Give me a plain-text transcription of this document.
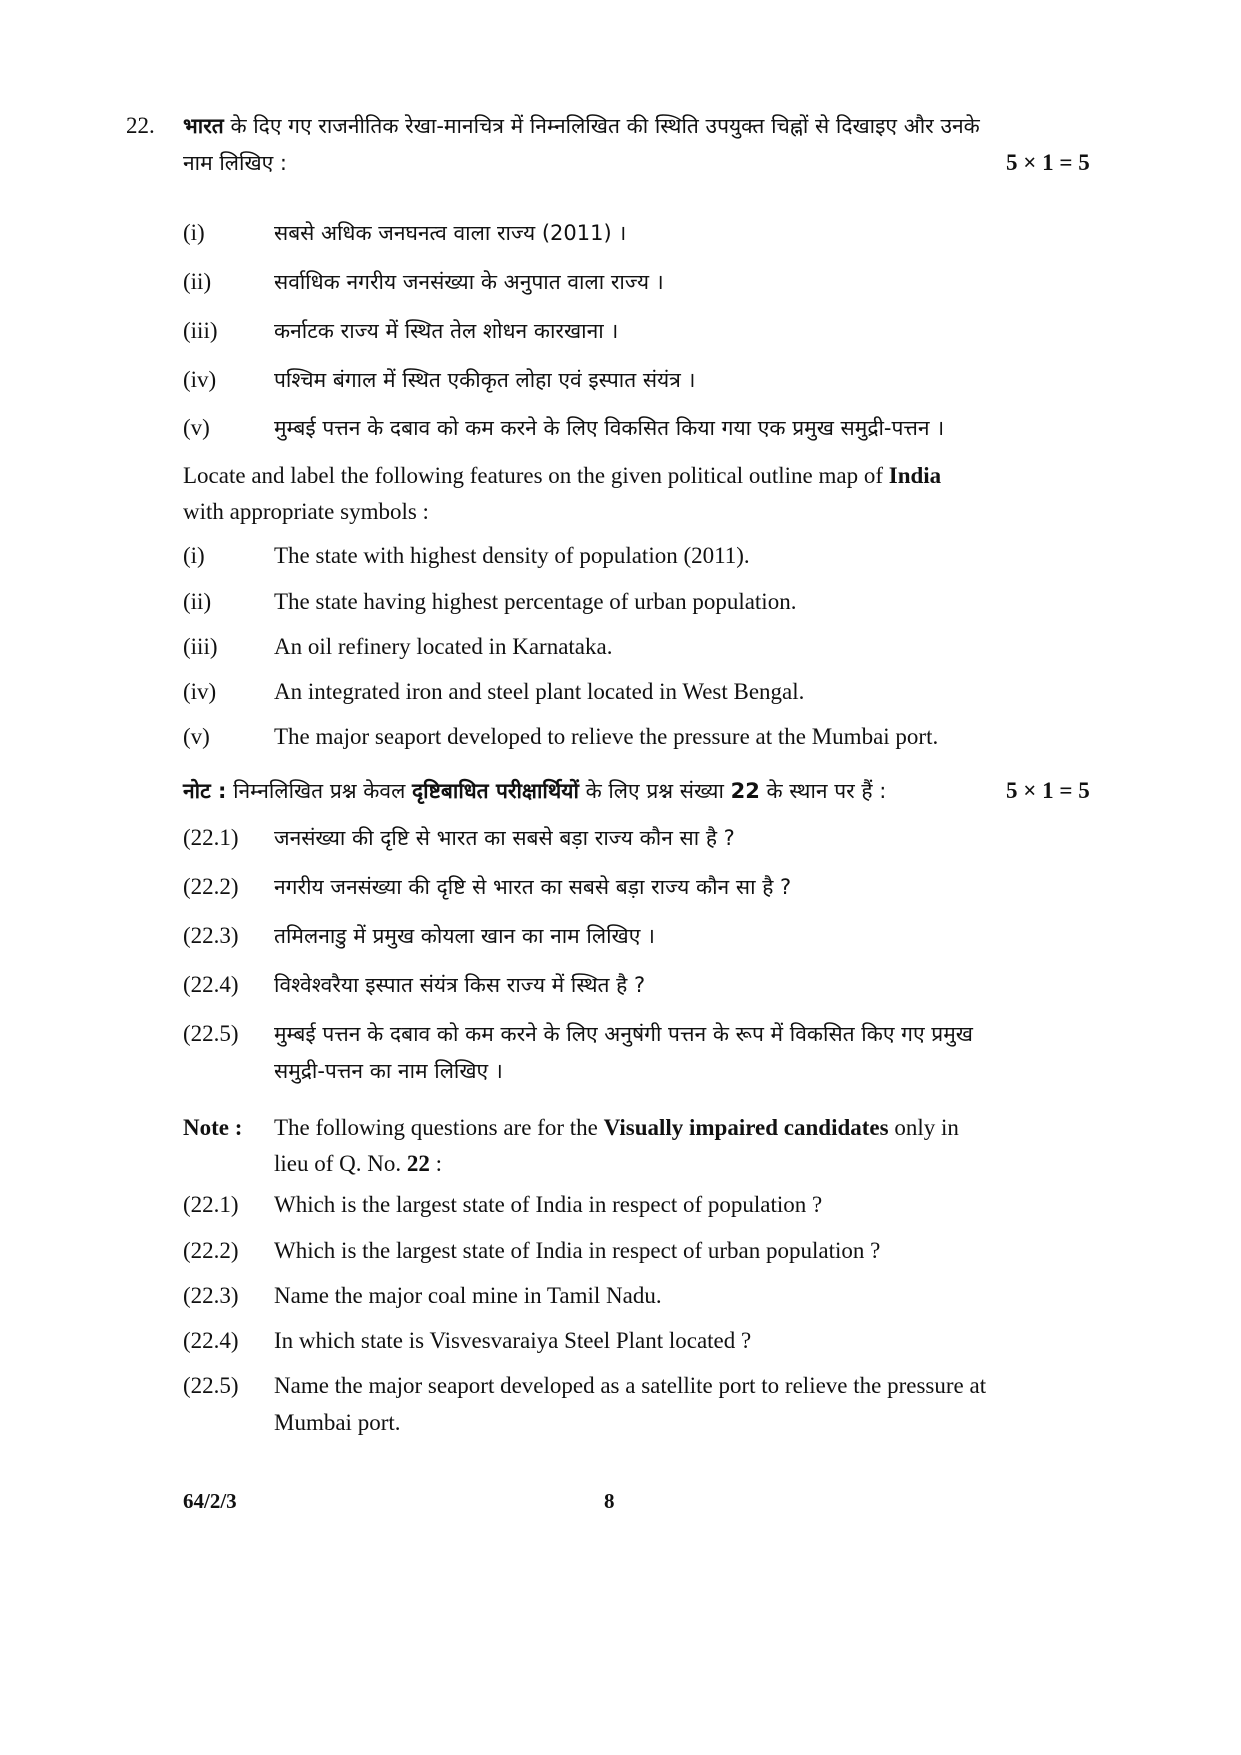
22. भारत के दिए गए राजनीतिक रेखा-मानचित्र में निम्नलिखित की स्थिति उपयुक्त चिह्नों से दिखाइए और उनके
नाम लिखिए :	5 × 1 = 5
(i)	सबसे अधिक जनघनत्व वाला राज्य (2011) ।
(ii)	सर्वाधिक नगरीय जनसंख्या के अनुपात वाला राज्य ।
(iii)	कर्नाटक राज्य में स्थित तेल शोधन कारखाना ।
(iv)	पश्चिम बंगाल में स्थित एकीकृत लोहा एवं इस्पात संयंत्र ।
(v)	मुम्बई पत्तन के दबाव को कम करने के लिए विकसित किया गया एक प्रमुख समुद्री-पत्तन ।
Locate and label the following features on the given political outline map of India
with appropriate symbols :
(i)	The state with highest density of population (2011).
(ii)	The state having highest percentage of urban population.
(iii) An oil refinery located in Karnataka.
(iv)	An integrated iron and steel plant located in West Bengal.
(v)	The major seaport developed to relieve the pressure at the Mumbai port.
नोट : निम्नलिखित प्रश्न केवल दृष्टिबाधित परीक्षार्थियों के लिए प्रश्न संख्या 22 के स्थान पर हैं :	5 × 1 = 5
(22.1) जनसंख्या की दृष्टि से भारत का सबसे बड़ा राज्य कौन सा है ?
(22.2) नगरीय जनसंख्या की दृष्टि से भारत का सबसे बड़ा राज्य कौन सा है ?
(22.3) तमिलनाडु में प्रमुख कोयला खान का नाम लिखिए ।
(22.4) विश्वेश्वरैया इस्पात संयंत्र किस राज्य में स्थित है ?
(22.5) मुम्बई पत्तन के दबाव को कम करने के लिए अनुषंगी पत्तन के रूप में विकसित किए गए प्रमुख
समुद्री-पत्तन का नाम लिखिए ।
Note : The following questions are for the Visually impaired candidates only in
lieu of Q. No. 22 :
(22.1) Which is the largest state of India in respect of population ?
(22.2) Which is the largest state of India in respect of urban population ?
(22.3) Name the major coal mine in Tamil Nadu.
(22.4) In which state is Visvesvaraiya Steel Plant located ?
(22.5) Name the major seaport developed as a satellite port to relieve the pressure at
Mumbai port.
64/2/3	8
